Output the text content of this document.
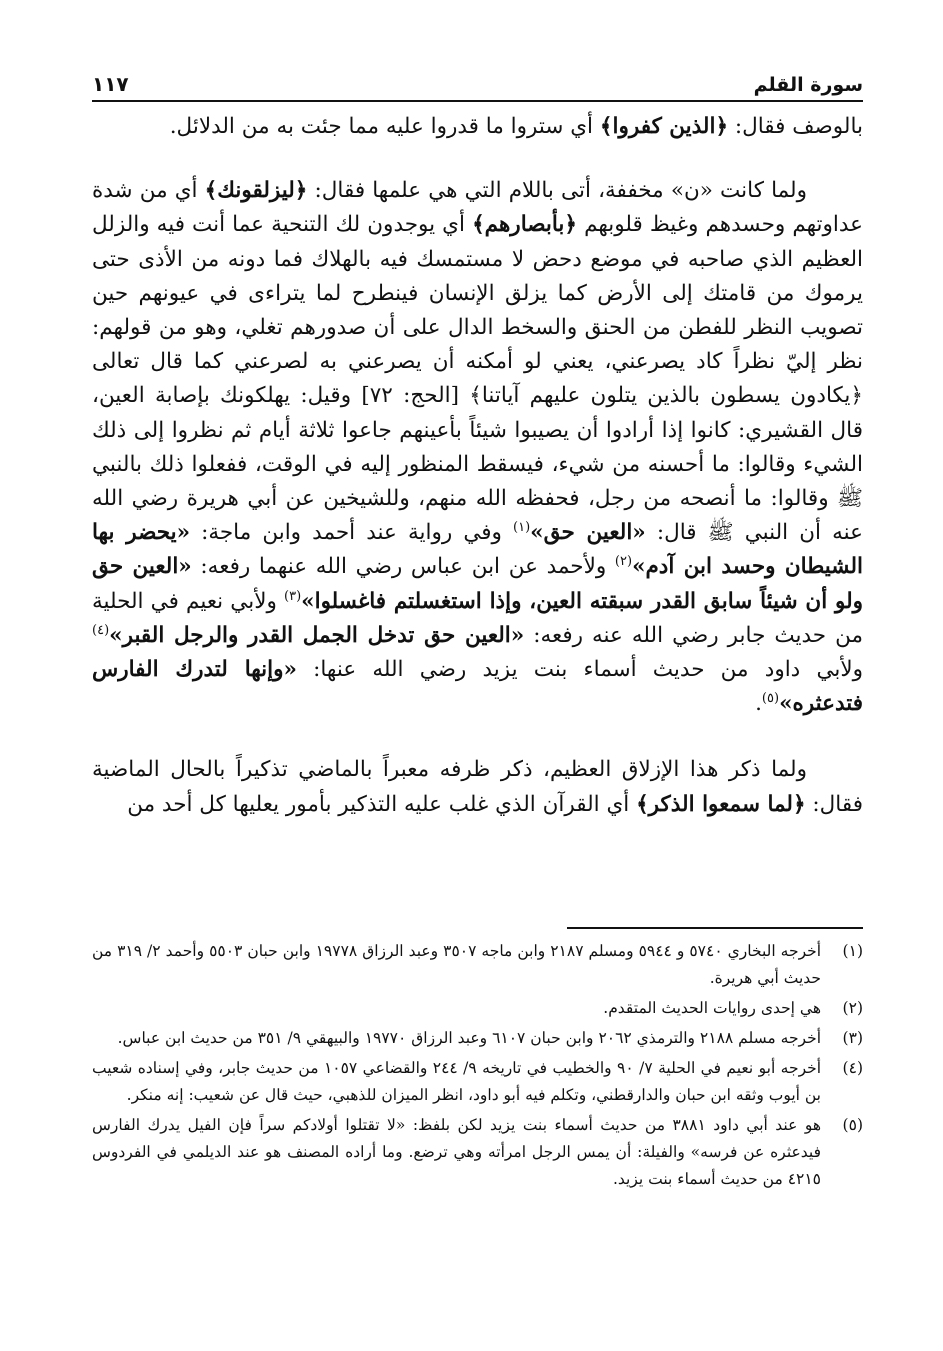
سورة القلم
١١٧

بالوصف فقال: ﴿الذين كفروا﴾ أي ستروا ما قدروا عليه مما جئت به من الدلائل.

ولما كانت «ن» مخففة، أتى باللام التي هي علمها فقال: ﴿ليزلقونك﴾ أي من شدة عداوتهم وحسدهم وغيظ قلوبهم ﴿بأبصارهم﴾ أي يوجدون لك التنحية عما أنت فيه والزلل العظيم الذي صاحبه في موضع دحض لا مستمسك فيه بالهلاك فما دونه من الأذى حتى يرموك من قامتك إلى الأرض كما يزلق الإنسان فينطرح لما يتراءى في عيونهم حين تصويب النظر للفطن من الحنق والسخط الدال على أن صدورهم تغلي، وهو من قولهم: نظر إليّ نظراً كاد يصرعني، يعني لو أمكنه أن يصرعني به لصرعني كما قال تعالى ﴿يكادون يسطون بالذين يتلون عليهم آياتنا﴾ [الحج: ٧٢] وقيل: يهلكونك بإصابة العين، قال القشيري: كانوا إذا أرادوا أن يصيبوا شيئاً بأعينهم جاعوا ثلاثة أيام ثم نظروا إلى ذلك الشيء وقالوا: ما أحسنه من شيء، فيسقط المنظور إليه في الوقت، ففعلوا ذلك بالنبي ﷺ وقالوا: ما أنصحه من رجل، فحفظه الله منهم، وللشيخين عن أبي هريرة رضي الله عنه أن النبي ﷺ قال: «العين حق»$^{(١)}$ وفي رواية عند أحمد وابن ماجة: «يحضر بها الشيطان وحسد ابن آدم»$^{(٢)}$ ولأحمد عن ابن عباس رضي الله عنهما رفعه: «العين حق ولو أن شيئاً سابق القدر سبقته العين، وإذا استغسلتم فاغسلوا»$^{(٣)}$ ولأبي نعيم في الحلية من حديث جابر رضي الله عنه رفعه: «العين حق تدخل الجمل القدر والرجل القبر»$^{(٤)}$ ولأبي داود من حديث أسماء بنت يزيد رضي الله عنها: «وإنها لتدرك الفارس فتدعثره»$^{(٥)}$.

ولما ذكر هذا الإزلاق العظيم، ذكر ظرفه معبراً بالماضي تذكيراً بالحال الماضية فقال: ﴿لما سمعوا الذكر﴾ أي القرآن الذي غلب عليه التذكير بأمور يعليها كل أحد من

(١)
أخرجه البخاري ٥٧٤٠ و ٥٩٤٤ ومسلم ٢١٨٧ وابن ماجه ٣٥٠٧ وعبد الرزاق ١٩٧٧٨ وابن حبان ٥٥٠٣ وأحمد ٢/ ٣١٩ من حديث أبي هريرة.
(٢)
هي إحدى روايات الحديث المتقدم.
(٣)
أخرجه مسلم ٢١٨٨ والترمذي ٢٠٦٢ وابن حبان ٦١٠٧ وعبد الرزاق ١٩٧٧٠ والبيهقي ٩/ ٣٥١ من حديث ابن عباس.
(٤)
أخرجه أبو نعيم في الحلية ٧/ ٩٠ والخطيب في تاريخه ٩/ ٢٤٤ والقضاعي ١٠٥٧ من حديث جابر، وفي إسناده شعيب بن أيوب وثقه ابن حبان والدارقطني، وتكلم فيه أبو داود، انظر الميزان للذهبي، حيث قال عن شعيب: إنه منكر.
(٥)
هو عند أبي داود ٣٨٨١ من حديث أسماء بنت يزيد لكن بلفظ: «لا تقتلوا أولادكم سراً فإن الفيل يدرك الفارس فيدعثره عن فرسه» والفيلة: أن يمس الرجل امرأته وهي ترضع. وما أراده المصنف هو عند الديلمي في الفردوس ٤٢١٥ من حديث أسماء بنت يزيد.
